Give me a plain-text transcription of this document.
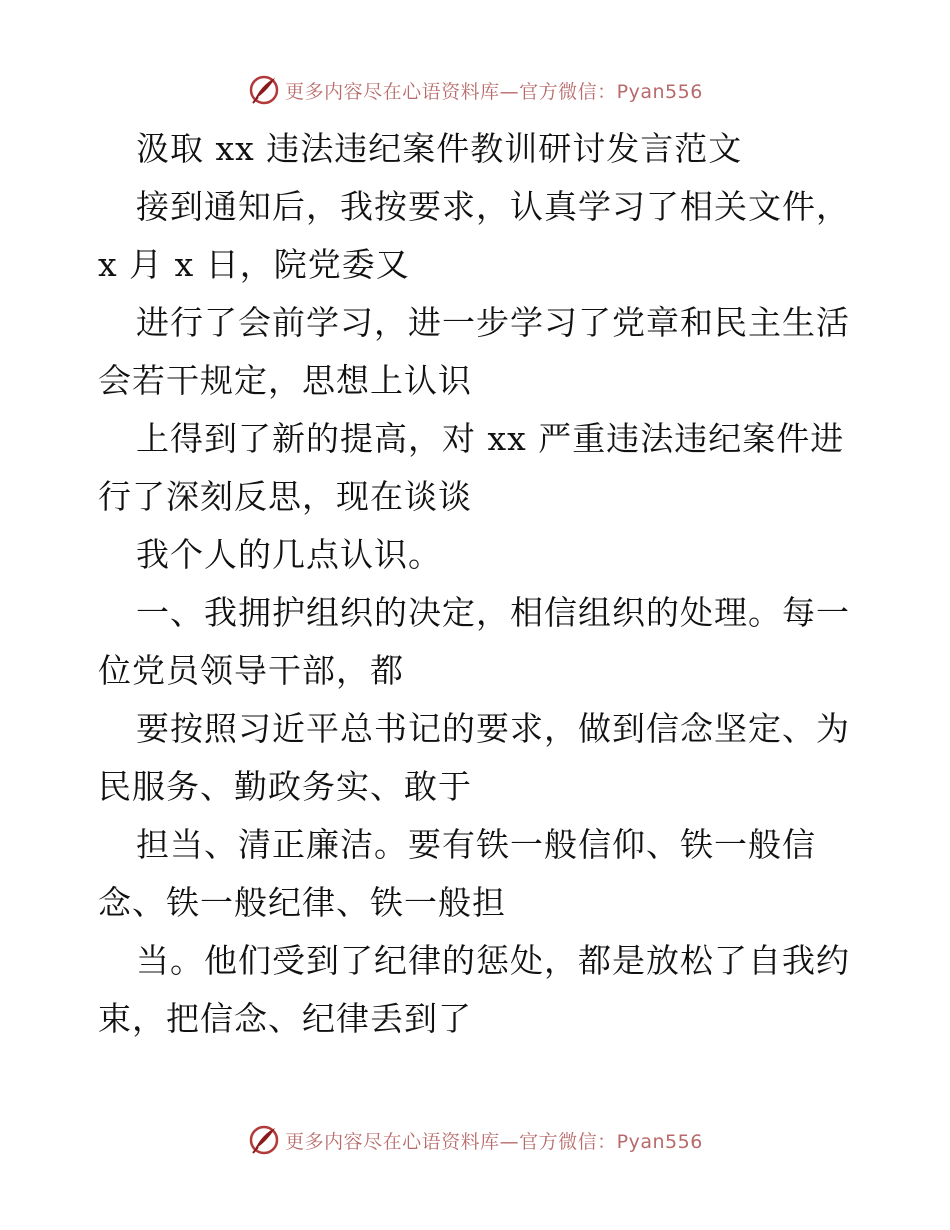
更多内容尽在心语资料库—官方微信：Pyan556
汲取 xx 违法违纪案件教训研讨发言范文
接到通知后，我按要求，认真学习了相关文件，
x 月 x 日，院党委又
进行了会前学习，进一步学习了党章和民主生活
会若干规定，思想上认识
上得到了新的提高，对 xx 严重违法违纪案件进
行了深刻反思，现在谈谈
我个人的几点认识。
一、我拥护组织的决定，相信组织的处理。每一
位党员领导干部，都
要按照习近平总书记的要求，做到信念坚定、为
民服务、勤政务实、敢于
担当、清正廉洁。要有铁一般信仰、铁一般信
念、铁一般纪律、铁一般担
当。他们受到了纪律的惩处，都是放松了自我约
束，把信念、纪律丢到了
更多内容尽在心语资料库—官方微信：Pyan556
